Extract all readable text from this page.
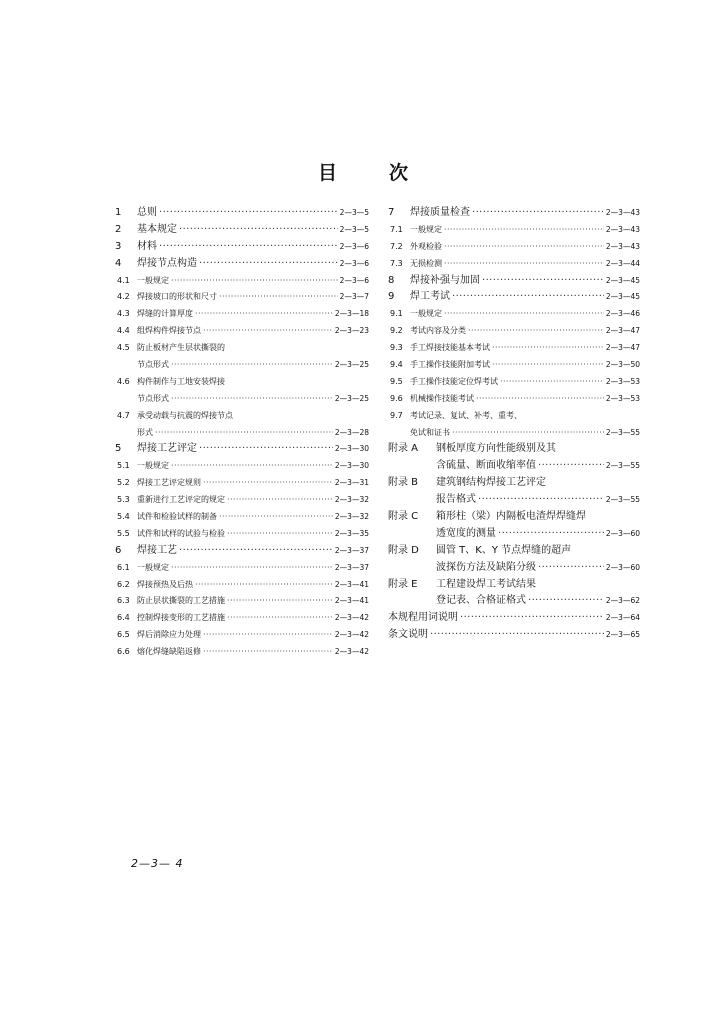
目	次
1	总则 ·····	2—3—5
2	基本规定 ·····	2—3—5
3	材料 ·····	2—3—6
4	焊接节点构造 ·····	2—3—6
4.1 一般规定 ·····	2—3—6
4.2 焊接坡口的形状和尺寸 ·····	2—3—7
4.3 焊缝的计算厚度 ·····	2—3—18
4.4 组焊构件焊接节点 ·····	2—3—23
4.5 防止板材产生层状撕裂的
节点形式 ·····	2—3—25
4.6 构件制作与工地安装焊接
节点形式 ·····	2—3—25
4.7 承受动载与抗震的焊接节点
形式 ·····	2—3—28
5	焊接工艺评定 ·····	2—3—30
5.1 一般规定 ·····	2—3—30
5.2 焊接工艺评定规则 ·····	2—3—31
5.3 重新进行工艺评定的规定 ·····	2—3—32
5.4 试件和检验试样的制备 ·····	2—3—32
5.5 试件和试样的试验与检验 ·····	2—3—35
6	焊接工艺 ·····	2—3—37
6.1 一般规定 ·····	2—3—37
6.2 焊接预热及后热 ·····	2—3—41
6.3 防止层状撕裂的工艺措施 ·····	2—3—41
6.4 控制焊接变形的工艺措施 ·····	2—3—42
6.5 焊后消除应力处理 ·····	2—3—42
6.6 熔化焊缝缺陷返修 ·····	2—3—42
7	焊接质量检查 ·····	2—3—43
7.1 一般规定 ·····	2—3—43
7.2 外观检验 ·····	2—3—43
7.3 无损检测 ·····	2—3—44
8	焊接补强与加固 ·····	2—3—45
9	焊工考试 ·····	2—3—45
9.1 一般规定 ·····	2—3—46
9.2 考试内容及分类 ·····	2—3—47
9.3 手工焊接技能基本考试 ·····	2—3—47
9.4 手工操作技能附加考试 ·····	2—3—50
9.5 手工操作技能定位焊考试 ·····	2—3—53
9.6 机械操作技能考试 ·····	2—3—53
9.7 考试记录、复试、补考、重考、
免试和证书 ·····	2—3—55
附录 A	钢板厚度方向性能级别及其
含硫量、断面收缩率值 ·····	2—3—55
附录 B	建筑钢结构焊接工艺评定
报告格式 ·····	2—3—55
附录 C	箱形柱（梁）内隔板电渣焊焊缝焊
透宽度的测量 ·····	2—3—60
附录 D	圆管 T、K、Y 节点焊缝的超声
波探伤方法及缺陷分级 ·····	2—3—60
附录 E	工程建设焊工考试结果
登记表、合格证格式 ·····	2—3—62
本规程用词说明 ·····	2—3—64
条文说明 ·····	2—3—65
2—3— 4
